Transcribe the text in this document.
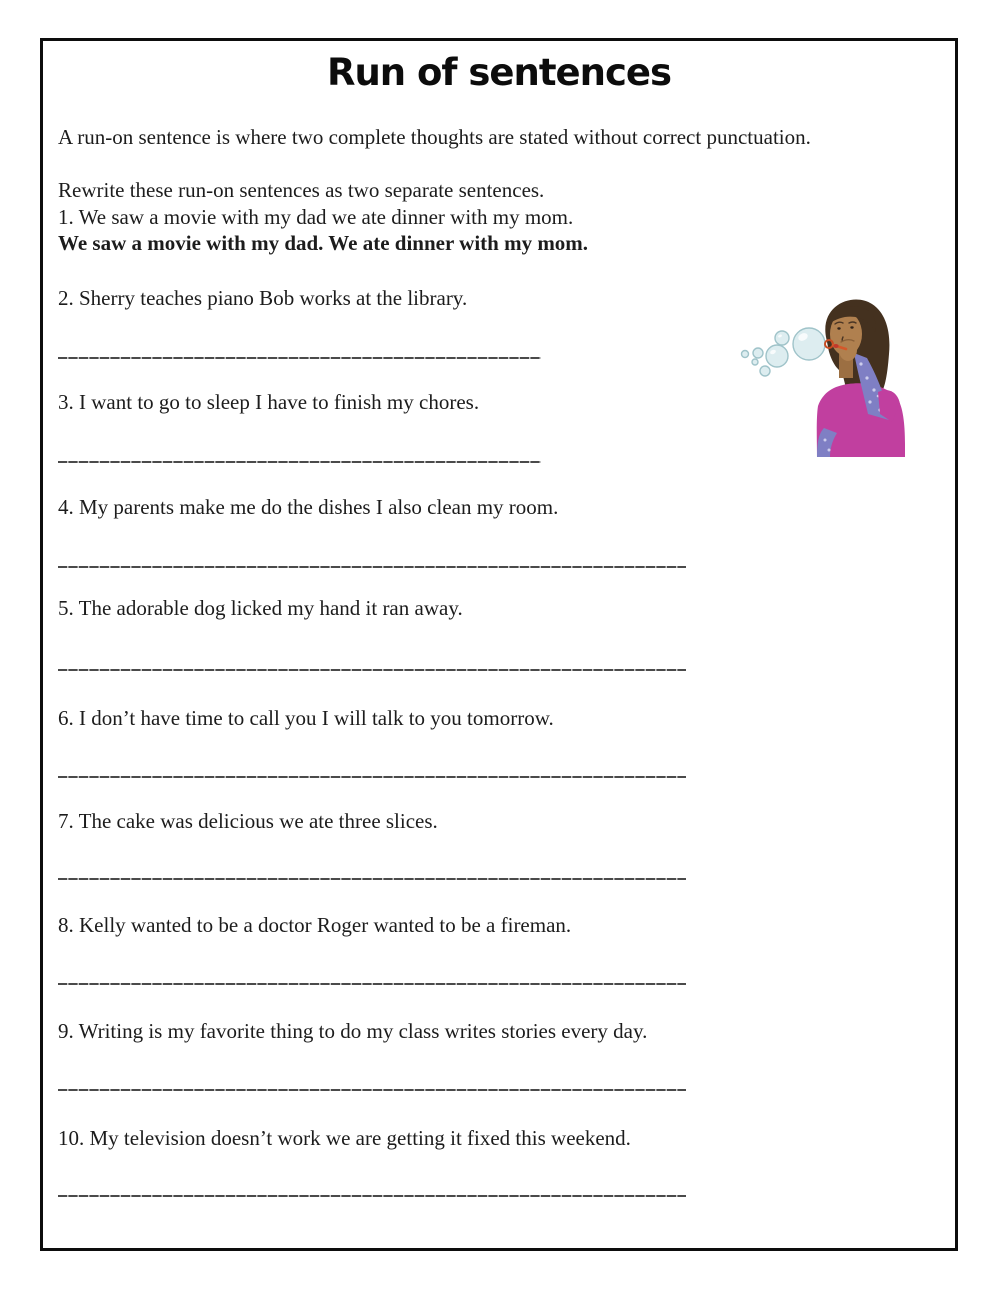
Run of sentences
A run-on sentence is where two complete thoughts are stated without correct punctuation.
Rewrite these run-on sentences as two separate sentences.
1. We saw a movie with my dad we ate dinner with my mom.
We saw a movie with my dad. We ate dinner with my mom.
2. Sherry teaches piano Bob works at the library.
3. I want to go to sleep I have to finish my chores.
4. My parents make me do the dishes I also clean my room.
5. The adorable dog licked my hand it ran away.
6. I don’t have time to call you I will talk to you tomorrow.
7. The cake was delicious we ate three slices.
8. Kelly wanted to be a doctor Roger wanted to be a fireman.
9. Writing is my favorite thing to do my class writes stories every day.
10. My television doesn’t work we are getting it fixed this weekend.
